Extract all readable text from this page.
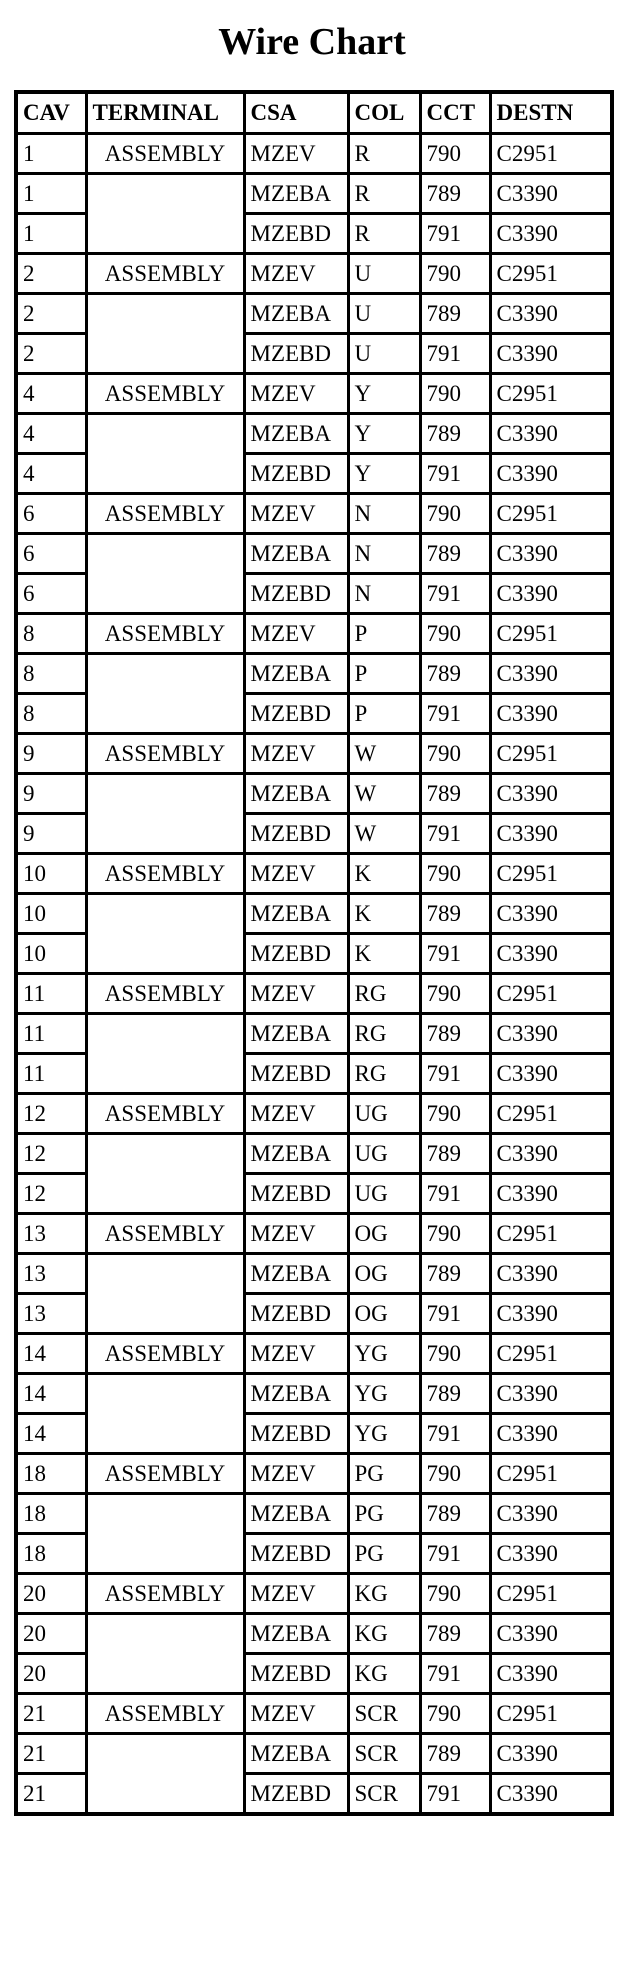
Wire Chart
CAV	TERMINAL	CSA	COL	CCT	DESTN
1	ASSEMBLY	MZEV	R	790	C2951
1		MZEBA	R	789	C3390
1		MZEBD	R	791	C3390
2	ASSEMBLY	MZEV	U	790	C2951
2		MZEBA	U	789	C3390
2		MZEBD	U	791	C3390
4	ASSEMBLY	MZEV	Y	790	C2951
4		MZEBA	Y	789	C3390
4		MZEBD	Y	791	C3390
6	ASSEMBLY	MZEV	N	790	C2951
6		MZEBA	N	789	C3390
6		MZEBD	N	791	C3390
8	ASSEMBLY	MZEV	P	790	C2951
8		MZEBA	P	789	C3390
8		MZEBD	P	791	C3390
9	ASSEMBLY	MZEV	W	790	C2951
9		MZEBA	W	789	C3390
9		MZEBD	W	791	C3390
10	ASSEMBLY	MZEV	K	790	C2951
10		MZEBA	K	789	C3390
10		MZEBD	K	791	C3390
11	ASSEMBLY	MZEV	RG	790	C2951
11		MZEBA	RG	789	C3390
11		MZEBD	RG	791	C3390
12	ASSEMBLY	MZEV	UG	790	C2951
12		MZEBA	UG	789	C3390
12		MZEBD	UG	791	C3390
13	ASSEMBLY	MZEV	OG	790	C2951
13		MZEBA	OG	789	C3390
13		MZEBD	OG	791	C3390
14	ASSEMBLY	MZEV	YG	790	C2951
14		MZEBA	YG	789	C3390
14		MZEBD	YG	791	C3390
18	ASSEMBLY	MZEV	PG	790	C2951
18		MZEBA	PG	789	C3390
18		MZEBD	PG	791	C3390
20	ASSEMBLY	MZEV	KG	790	C2951
20		MZEBA	KG	789	C3390
20		MZEBD	KG	791	C3390
21	ASSEMBLY	MZEV	SCR	790	C2951
21		MZEBA	SCR	789	C3390
21		MZEBD	SCR	791	C3390
